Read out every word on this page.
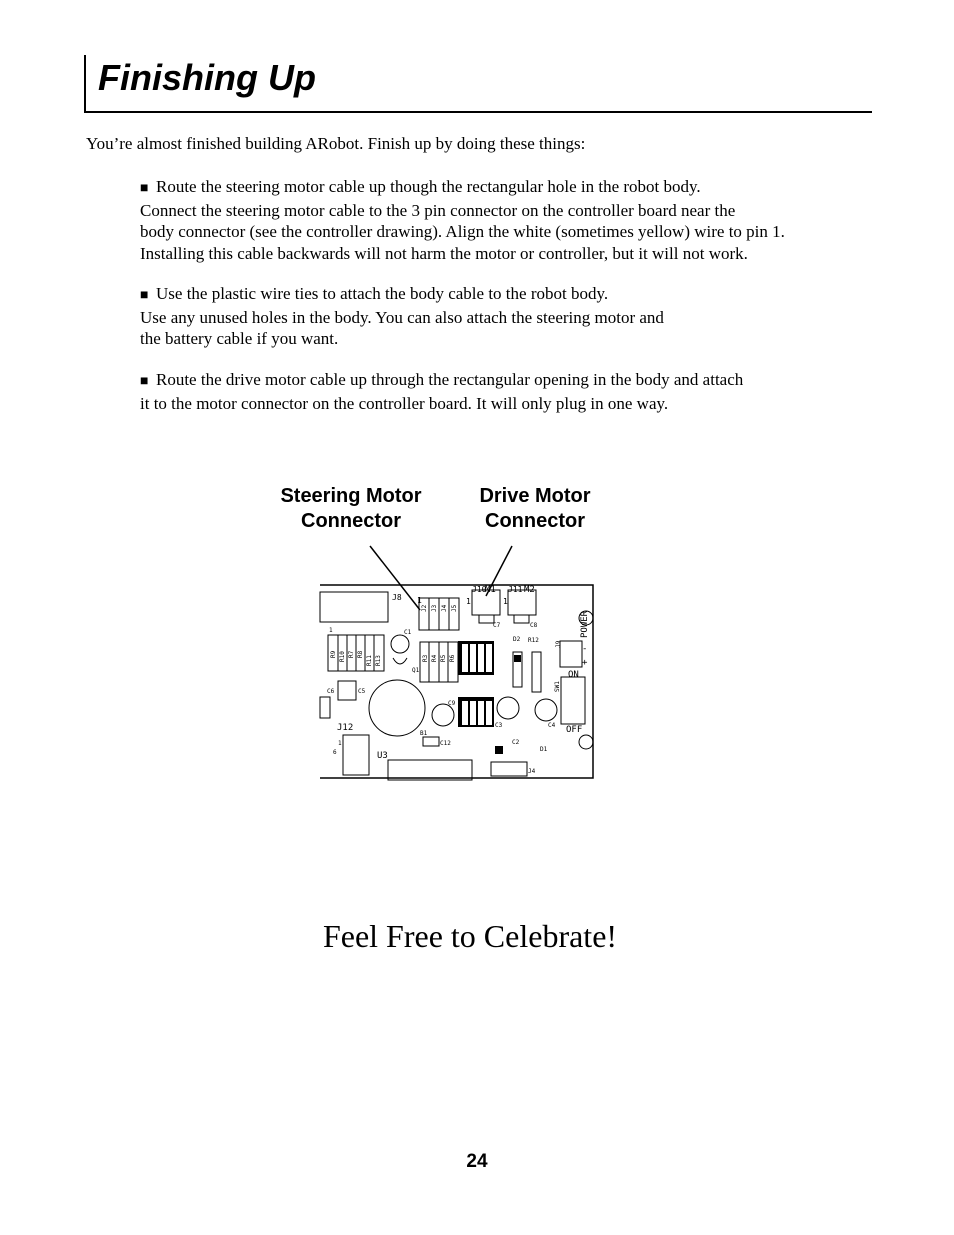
Finishing Up
You’re almost finished building ARobot. Finish up by doing these things:

■ Route the steering motor cable up though the rectangular hole in the robot body.

Connect the steering motor cable to the 3 pin connector on the controller board near the

body connector (see the controller drawing). Align the white (sometimes yellow) wire to pin 1.

Installing this cable backwards will not harm the motor or controller, but it will not work.

■ Use the plastic wire ties to attach the body cable to the robot body.

Use any unused holes in the body. You can also attach the steering motor and

the battery cable if you want.

■ Route the drive motor cable up through the rectangular opening in the body and attach

it to the motor connector on the controller board. It will only plug in one way.

Steering Motor
Connector
Drive Motor
Connector
J8 1
J10
M1 J11 M2
1	1
1	C1
C7	C8
D2 R12
ON
OFF
C6	C5
Q1
C9
C3	C4
C2
D1
C12
B1
J12
U3
J4
1
6
-
+
POWER
J9
SW1
J2 J3 J4 J5
R9 R10 R7 R8
R11 R13	R3 R4 R5 R6
Feel Free to Celebrate!
24
